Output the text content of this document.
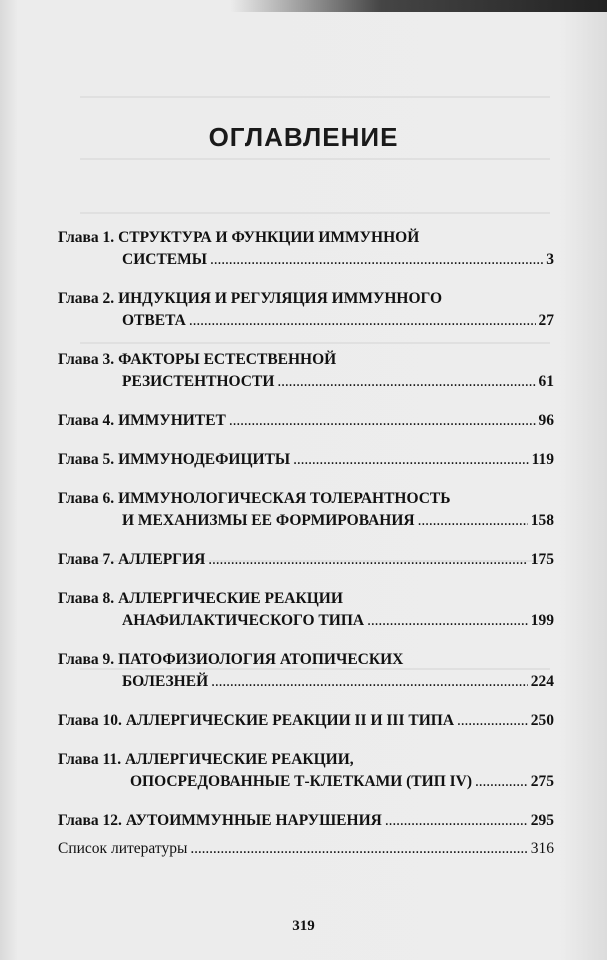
ОГЛАВЛЕНИЕ
Глава 1.
СТРУКТУРА И ФУНКЦИИ ИММУННОЙ
СИСТЕМЫ . . .	3
Глава 2.
ИНДУКЦИЯ И РЕГУЛЯЦИЯ ИММУННОГО
ОТВЕТА . . .	27
Глава 3.
ФАКТОРЫ ЕСТЕСТВЕННОЙ
РЕЗИСТЕНТНОСТИ . . .	61
Глава 4.
ИММУНИТЕТ . . .	96
Глава 5.
ИММУНОДЕФИЦИТЫ . . .	119
Глава 6.
ИММУНОЛОГИЧЕСКАЯ ТОЛЕРАНТНОСТЬ
И МЕХАНИЗМЫ ЕЕ ФОРМИРОВАНИЯ . . .	158
Глава 7.
АЛЛЕРГИЯ . . .	175
Глава 8.
АЛЛЕРГИЧЕСКИЕ РЕАКЦИИ
АНАФИЛАКТИЧЕСКОГО ТИПА . . .	199
Глава 9.
ПАТОФИЗИОЛОГИЯ АТОПИЧЕСКИХ
БОЛЕЗНЕЙ . . .	224
Глава 10.
АЛЛЕРГИЧЕСКИЕ РЕАКЦИИ II И III ТИПА . . .	250
Глава 11.
АЛЛЕРГИЧЕСКИЕ РЕАКЦИИ,
ОПОСРЕДОВАННЫЕ Т-КЛЕТКАМИ (ТИП IV) . . .	275
Глава 12.
АУТОИММУННЫЕ НАРУШЕНИЯ . . .	295
Список литературы . . .	316
319
